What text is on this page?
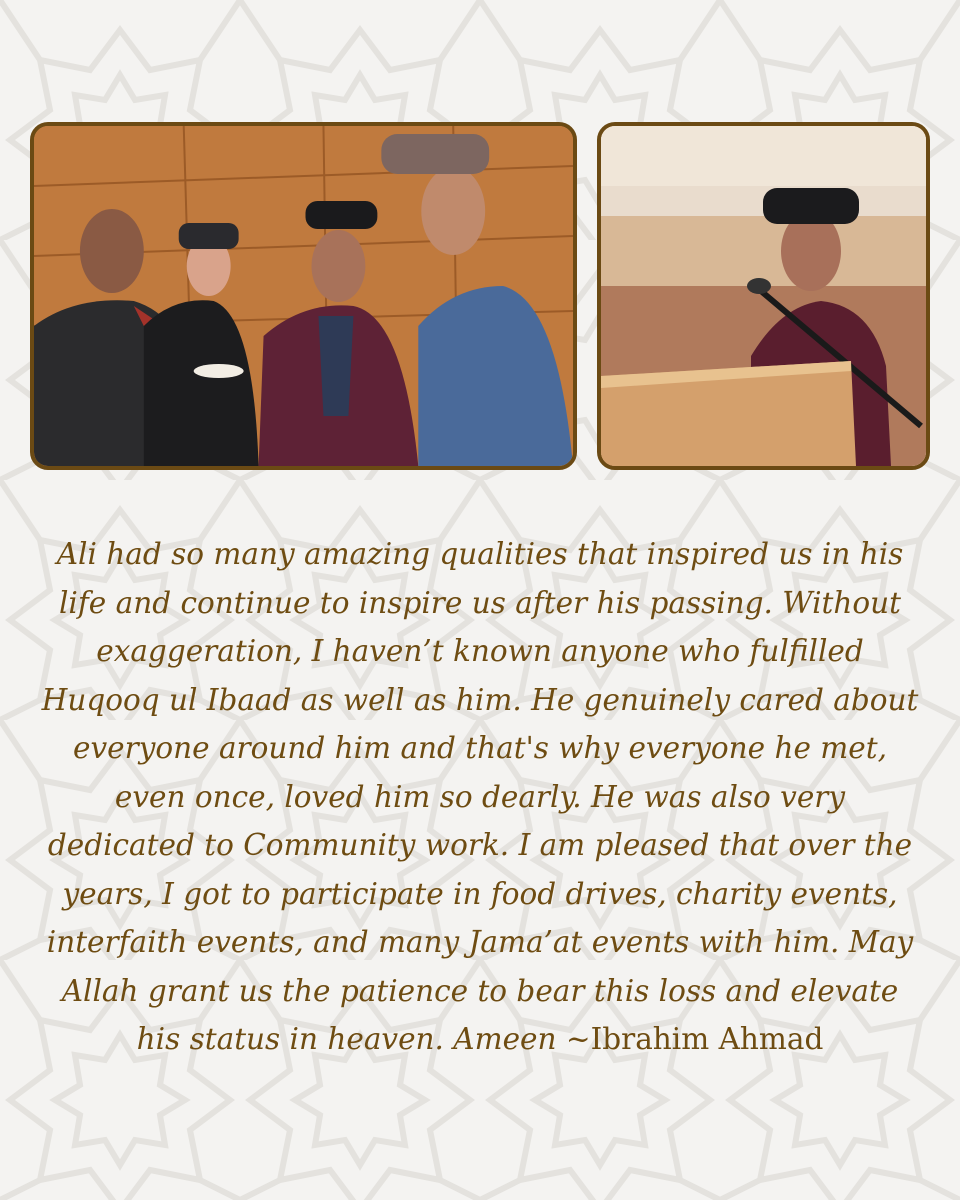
Ali had so many amazing qualities that inspired us in his life and continue to inspire us after his passing. Without exaggeration, I haven’t known anyone who fulfilled Huqooq ul Ibaad as well as him. He genuinely cared about everyone around him and that's why everyone he met, even once, loved him so dearly. He was also very dedicated to Community work. I am pleased that over the years, I got to participate in food drives, charity events, interfaith events, and many Jama’at events with him. May Allah grant us the patience to bear this loss and elevate his status in heaven. Ameen ~Ibrahim Ahmad
